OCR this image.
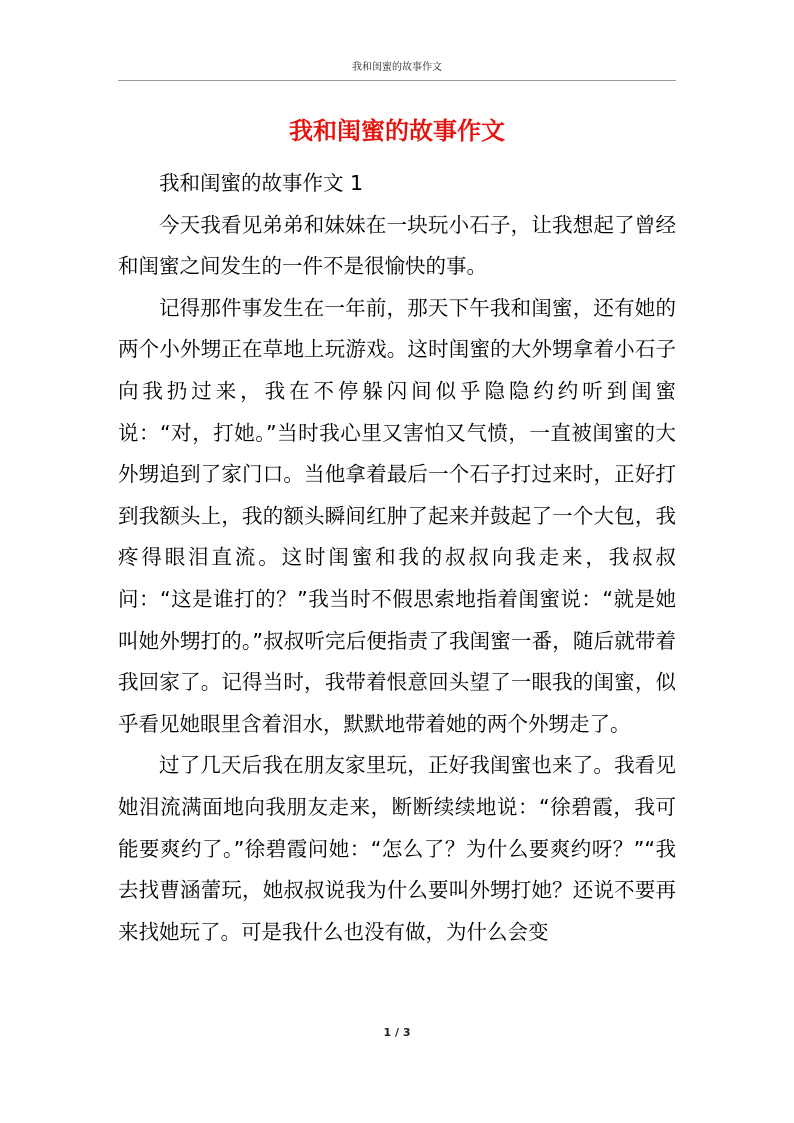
我和闺蜜的故事作文
我和闺蜜的故事作文

我和闺蜜的故事作文 1

今天我看见弟弟和妹妹在一块玩小石子，让我想起了曾经和闺蜜之间发生的一件不是很愉快的事。

记得那件事发生在一年前，那天下午我和闺蜜，还有她的两个小外甥正在草地上玩游戏。这时闺蜜的大外甥拿着小石子向我扔过来，我在不停躲闪间似乎隐隐约约听到闺蜜说：“对，打她。”当时我心里又害怕又气愤，一直被闺蜜的大外甥追到了家门口。当他拿着最后一个石子打过来时，正好打到我额头上，我的额头瞬间红肿了起来并鼓起了一个大包，我疼得眼泪直流。这时闺蜜和我的叔叔向我走来，我叔叔问：“这是谁打的？”我当时不假思索地指着闺蜜说：“就是她叫她外甥打的。”叔叔听完后便指责了我闺蜜一番，随后就带着我回家了。记得当时，我带着恨意回头望了一眼我的闺蜜，似乎看见她眼里含着泪水，默默地带着她的两个外甥走了。

过了几天后我在朋友家里玩，正好我闺蜜也来了。我看见她泪流满面地向我朋友走来，断断续续地说：“徐碧霞，我可能要爽约了。”徐碧霞问她：“怎么了？为什么要爽约呀？”“我去找曹涵蕾玩，她叔叔说我为什么要叫外甥打她？还说不要再来找她玩了。可是我什么也没有做，为什么会变

1 / 3
